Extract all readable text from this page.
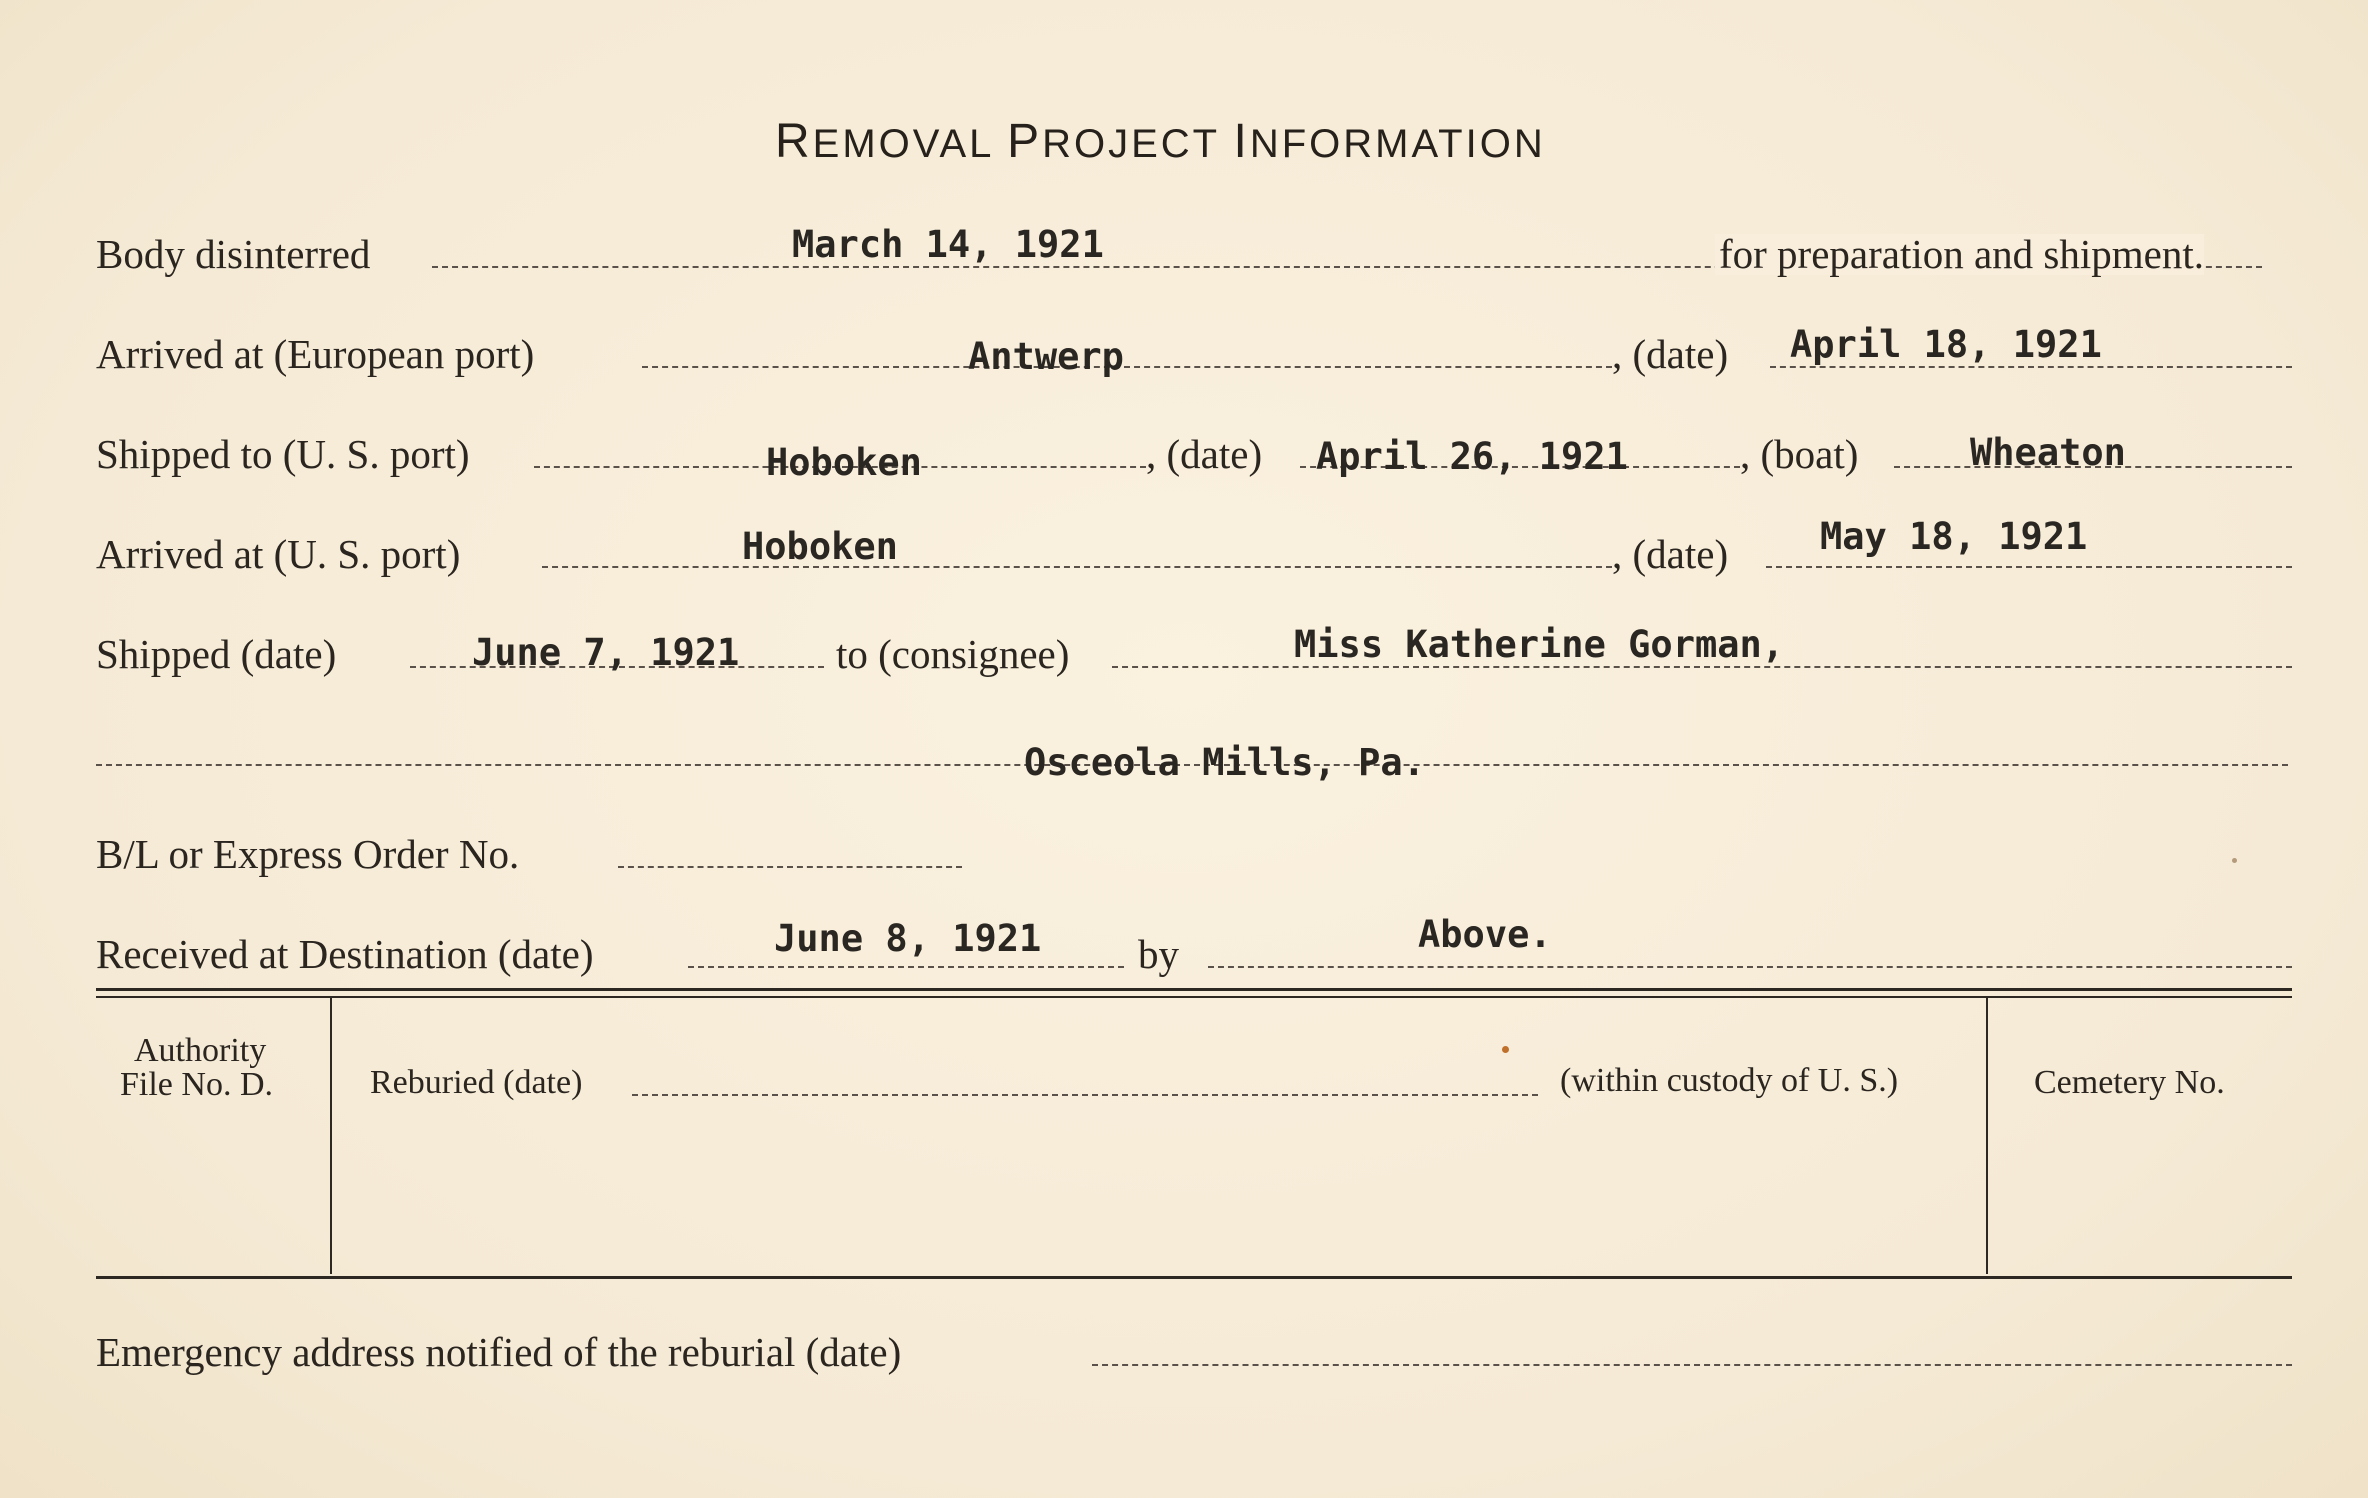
REMOVAL PROJECT INFORMATION
Body disinterred	March 14, 1921	for preparation and shipment.
Arrived at (European port)	Antwerp	, (date) April 18, 1921
Shipped to (U. S. port)	Hoboken	, (date) April 26, 1921	, (boat)	Wheaton
Arrived at (U. S. port)	Hoboken	, (date) May 18, 1921
Shipped (date)	June 7, 1921 to (consignee)	Miss Katherine Gorman,
Osceola Mills, Pa.
B/L or Express Order No.
Received at Destination (date)	June 8, 1921 by	Above.
Authority
File No. D.	Reburied (date)	(within custody of U. S.)	Cemetery No.
Emergency address notified of the reburial (date)
